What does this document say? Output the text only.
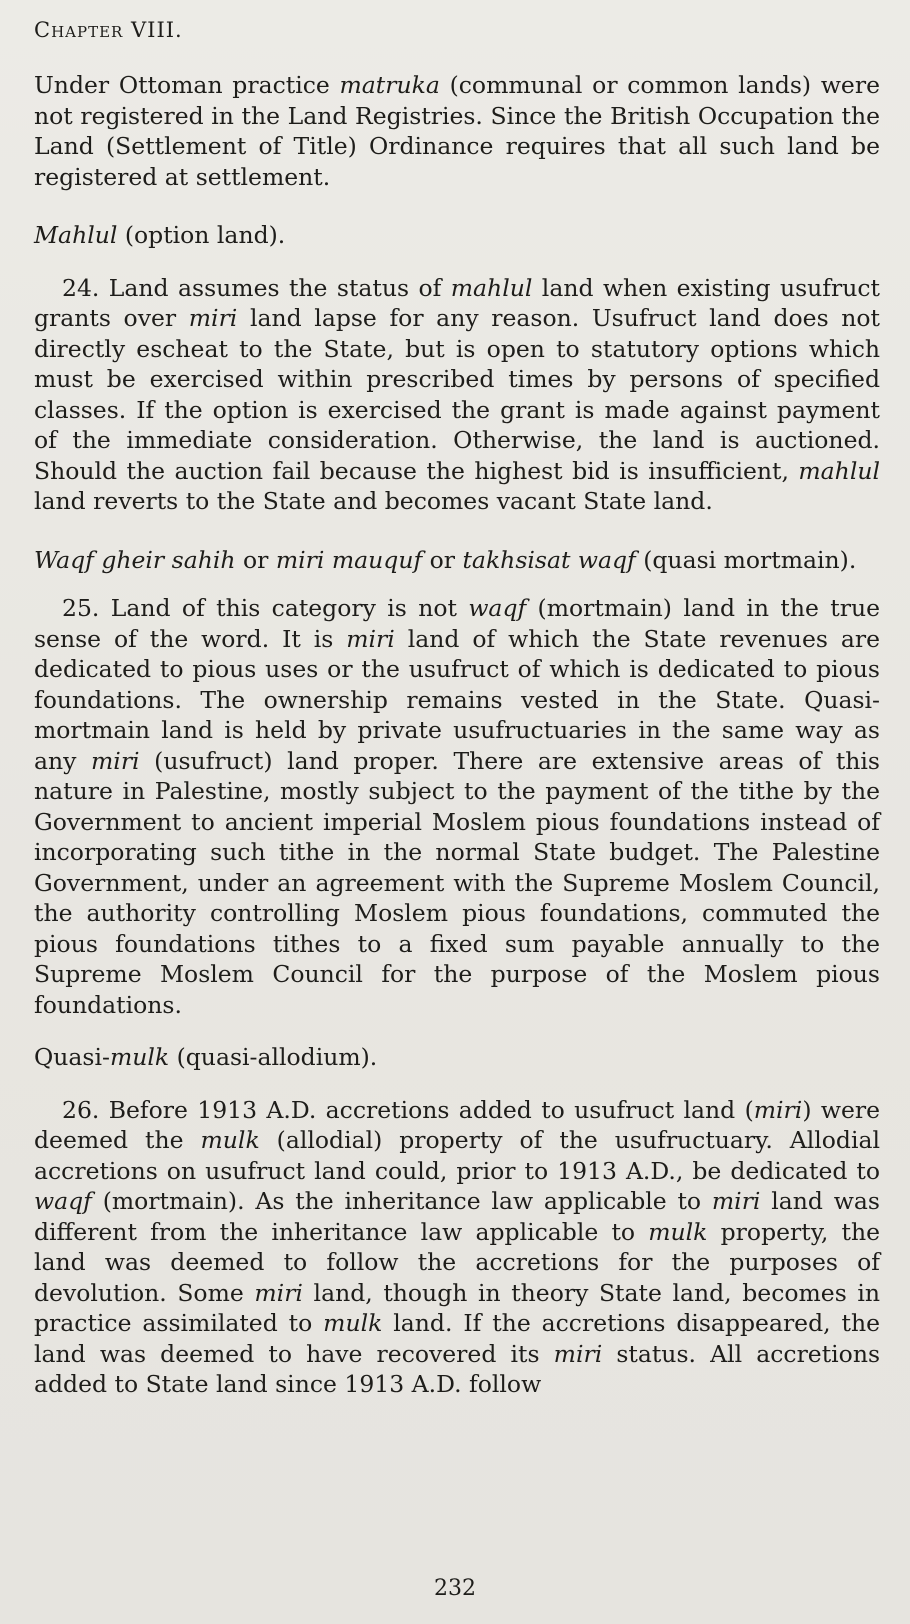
Chapter VIII.

Under Ottoman practice matruka (communal or common lands) were not registered in the Land Registries. Since the British Occupation the Land (Settlement of Title) Ordinance requires that all such land be registered at settlement.

Mahlul (option land).

24. Land assumes the status of mahlul land when existing usufruct grants over miri land lapse for any reason. Usufruct land does not directly escheat to the State, but is open to statutory options which must be exercised within prescribed times by persons of specified classes. If the option is exercised the grant is made against payment of the immediate consideration. Otherwise, the land is auctioned. Should the auction fail because the highest bid is insufficient, mahlul land reverts to the State and becomes vacant State land.

Waqf gheir sahih or miri mauquf or takhsisat waqf (quasi mortmain).

25. Land of this category is not waqf (mortmain) land in the true sense of the word. It is miri land of which the State revenues are dedicated to pious uses or the usufruct of which is dedicated to pious foundations. The ownership remains vested in the State. Quasi-mortmain land is held by private usufructuaries in the same way as any miri (usufruct) land proper. There are extensive areas of this nature in Palestine, mostly subject to the payment of the tithe by the Government to ancient imperial Moslem pious foundations instead of incorporating such tithe in the normal State budget. The Palestine Government, under an agreement with the Supreme Moslem Council, the authority controlling Moslem pious foundations, commuted the pious foundations tithes to a fixed sum payable annually to the Supreme Moslem Council for the purpose of the Moslem pious foundations.

Quasi-mulk (quasi-allodium).

26. Before 1913 A.D. accretions added to usufruct land (miri) were deemed the mulk (allodial) property of the usufructuary. Allodial accretions on usufruct land could, prior to 1913 A.D., be dedicated to waqf (mortmain). As the inheritance law applicable to miri land was different from the inheritance law applicable to mulk property, the land was deemed to follow the accretions for the purposes of devolution. Some miri land, though in theory State land, becomes in practice assimilated to mulk land. If the accretions disappeared, the land was deemed to have recovered its miri status. All accretions added to State land since 1913 A.D. follow

232
